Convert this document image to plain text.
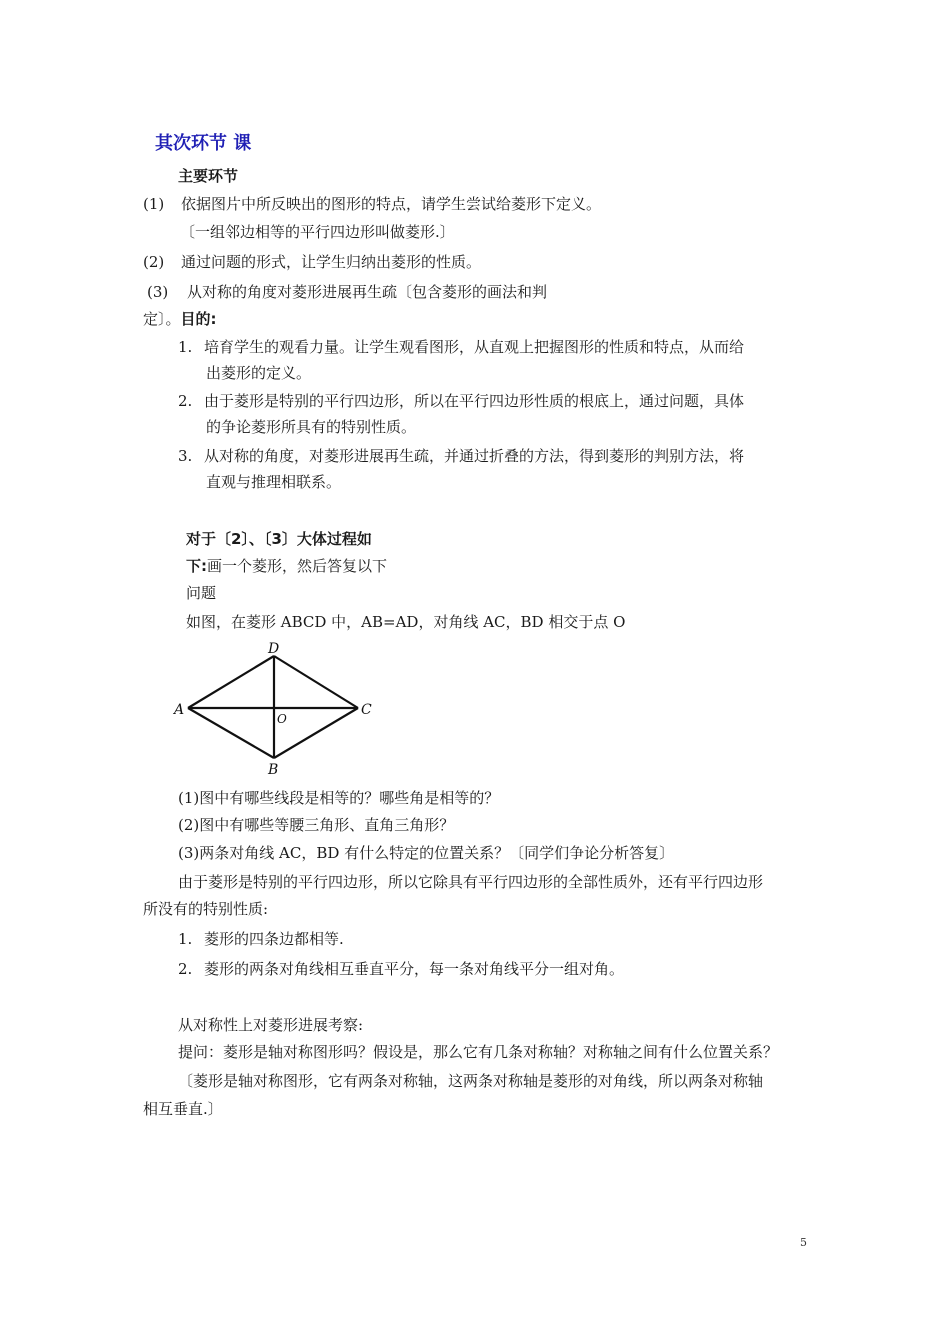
其次环节 课
主要环节
(1) 依据图片中所反映出的图形的特点，请学生尝试给菱形下定义。
〔一组邻边相等的平行四边形叫做菱形.〕
(2) 通过问题的形式，让学生归纳出菱形的性质。
(3) 从对称的角度对菱形进展再生疏〔包含菱形的画法和判
定〕。目的:
1. 培育学生的观看力量。让学生观看图形，从直观上把握图形的性质和特点，从而给
出菱形的定义。
2. 由于菱形是特别的平行四边形，所以在平行四边形性质的根底上，通过问题，具体
的争论菱形所具有的特别性质。
3. 从对称的角度，对菱形进展再生疏，并通过折叠的方法，得到菱形的判别方法，将
直观与推理相联系。
对于〔2〕、〔3〕大体过程如
下:画一个菱形，然后答复以下
问题
如图，在菱形 ABCD 中，AB=AD，对角线 AC，BD 相交于点 O
D
A	C
B
O
(1)图中有哪些线段是相等的？哪些角是相等的？
(2)图中有哪些等腰三角形、直角三角形？
(3)两条对角线 AC，BD 有什么特定的位置关系？〔同学们争论分析答复〕
由于菱形是特别的平行四边形，所以它除具有平行四边形的全部性质外，还有平行四边形
所没有的特别性质:
1. 菱形的四条边都相等.
2. 菱形的两条对角线相互垂直平分，每一条对角线平分一组对角。
从对称性上对菱形进展考察:
提问：菱形是轴对称图形吗？假设是，那么它有几条对称轴？对称轴之间有什么位置关系？
〔菱形是轴对称图形，它有两条对称轴，这两条对称轴是菱形的对角线，所以两条对称轴
相互垂直.〕
5
